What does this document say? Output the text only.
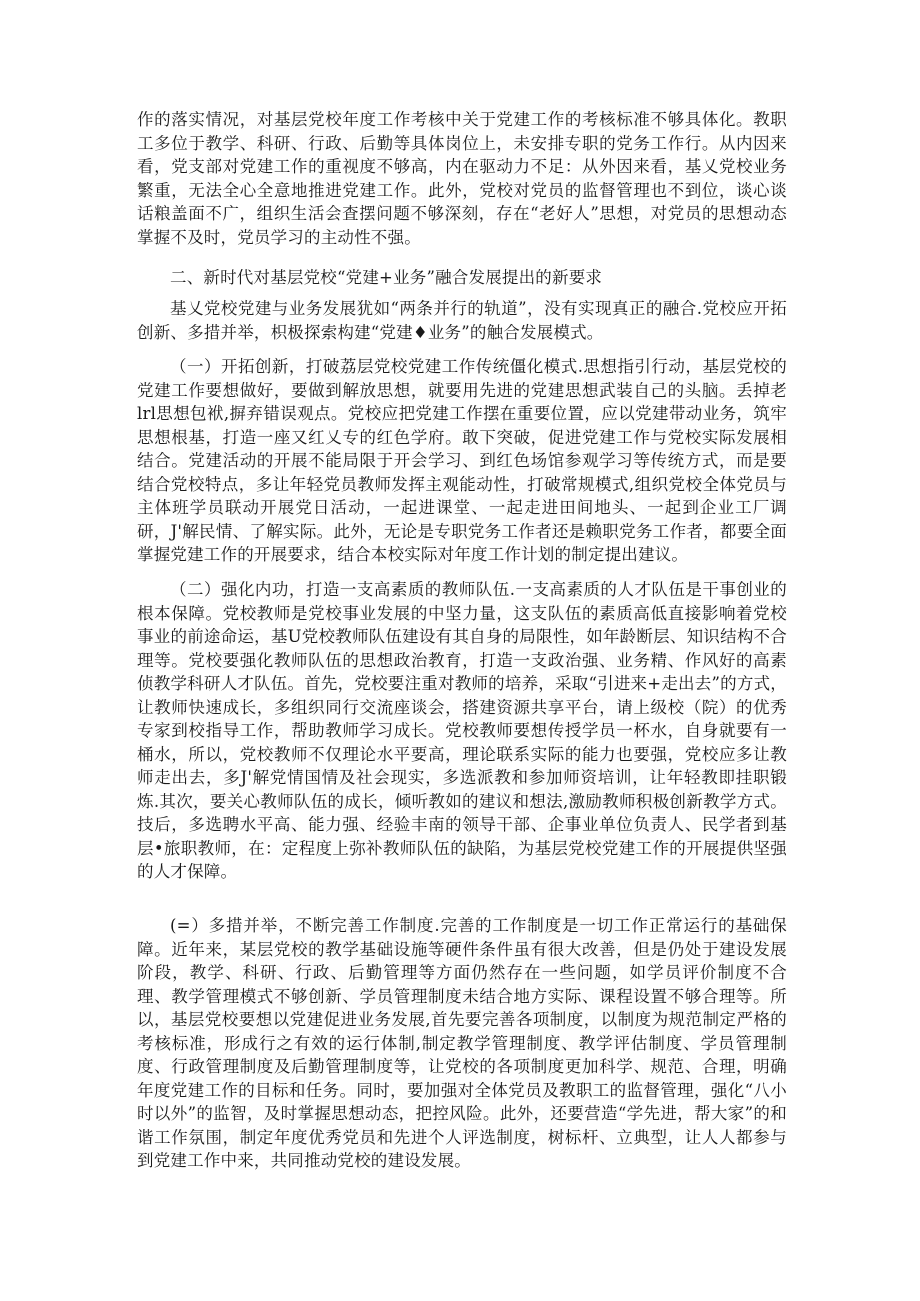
作的落实情况，对基层党校年度工作考核中关于党建工作的考核标准不够具体化。教职工多位于教学、科研、行政、后勤等具体岗位上，未安排专职的党务工作行。从内因来看，党支部对党建工作的重视度不够高，内在驱动力不足：从外因来看，基乂党校业务繁重，无法全心全意地推进党建工作。此外，党校对党员的监督管理也不到位，谈心谈话粮盖面不广，组织生活会査摆问题不够深刻，存在“老好人”思想，对党员的思想动态掌握不及时，党员学习的主动性不强。

二、新时代对基层党校“党建+业务”融合发展提出的新要求

基乂党校党建与业务发展犹如“两条并行的轨道”，没有实现真正的融合.党校应开拓创新、多措并举，枳极探索构建“党建♦业务”的触合发展模式。

（一）开拓创新，打破荔层党校党建工作传统僵化模式.思想指引行动，基层党校的党建工作要想做好，要做到解放思想，就要用先进的党建思想武装自己的头脑。丢掉老lrl思想包袱,摒弃错误观点。党校应把党建工作摆在重要位置，应以党建带动业务，筑牢思想根基，打造一座又红乂专的红色学府。敢下突破，促进党建工作与党校实际发展相结合。党建活动的开展不能局限于开会学习、到红色场馆参观学习等传统方式，而是要结合党校特点，多让年轻党员教师发挥主观能动性，打破常规模式,组织党校全体党员与主体班学员联动开展党日活动，一起进课堂、一起走进田间地头、一起到企业工厂调研，J'解民情、了解实际。此外，无论是专职党务工作者还是赖职党务工作者，都要全面掌握党建工作的开展要求，结合本校实际对年度工作计划的制定提出建议。

（二）强化内功，打造一支高素质的教师队伍.一支高素质的人才队伍是干事创业的根本保障。党校教师是党校事业发展的中坚力量，这支队伍的素质高低直接影响着党校事业的前途命运，基U党校教师队伍建设有其自身的局限性，如年龄断层、知识结构不合理等。党校要强化教师队伍的思想政治教育，打造一支政治强、业务精、作风好的高素侦教学科研人才队伍。首先，党校要注重对教师的培养，采取“引进来+走出去”的方式，让教师快速成长，多组织同行交流座谈会，搭建资源共享平台，请上级校（院）的优秀专家到校指导工作，帮助教师学习成长。党校教师要想传授学员一杯水，自身就要有一桶水，所以，党校教师不仅理论水平要高，理论联系实际的能力也要强，党校应多让教师走出去，多J'解党情国情及社会现实，多选派教和参加师资培训，让年轻教即挂职锻炼.其次，要关心教师队伍的成长，倾听教如的建议和想法,激励教师积极创新教学方式。技后，多选聘水平高、能力强、经验丰南的领导干部、企事业单位负责人、民学者到基层•旅职教师，在：定程度上弥补教师队伍的缺陷，为基层党校党建工作的开展提供坚强的人才保障。

(=）多措并举，不断完善工作制度.完善的工作制度是一切工作正常运行的基础保障。近年来，某层党校的教学基础设施等硬件条件虽有很大改善，但是仍处于建设发展阶段，教学、科研、行政、后勤管理等方面仍然存在一些问题，如学员评价制度不合理、教学管理模式不够创新、学员管理制度未结合地方实际、课程设置不够合理等。所以，基层党校要想以党建促进业务发展,首先要完善各项制度，以制度为规范制定严格的考核标准，形成行之有效的运行体制,制定教学管理制度、教学评估制度、学员管理制度、行政管理制度及后勤管理制度等，让党校的各项制度更加科学、规范、合理，明确年度党建工作的目标和任务。同时，要加强对全体党员及教职工的监督管理，强化“八小时以外”的监智，及时掌握思想动态，把控风险。此外，还要营造“学先进，帮大家”的和谐工作氛围，制定年度优秀党员和先进个人评选制度，树标杆、立典型，让人人都参与到党建工作中来，共同推动党校的建设发展。
